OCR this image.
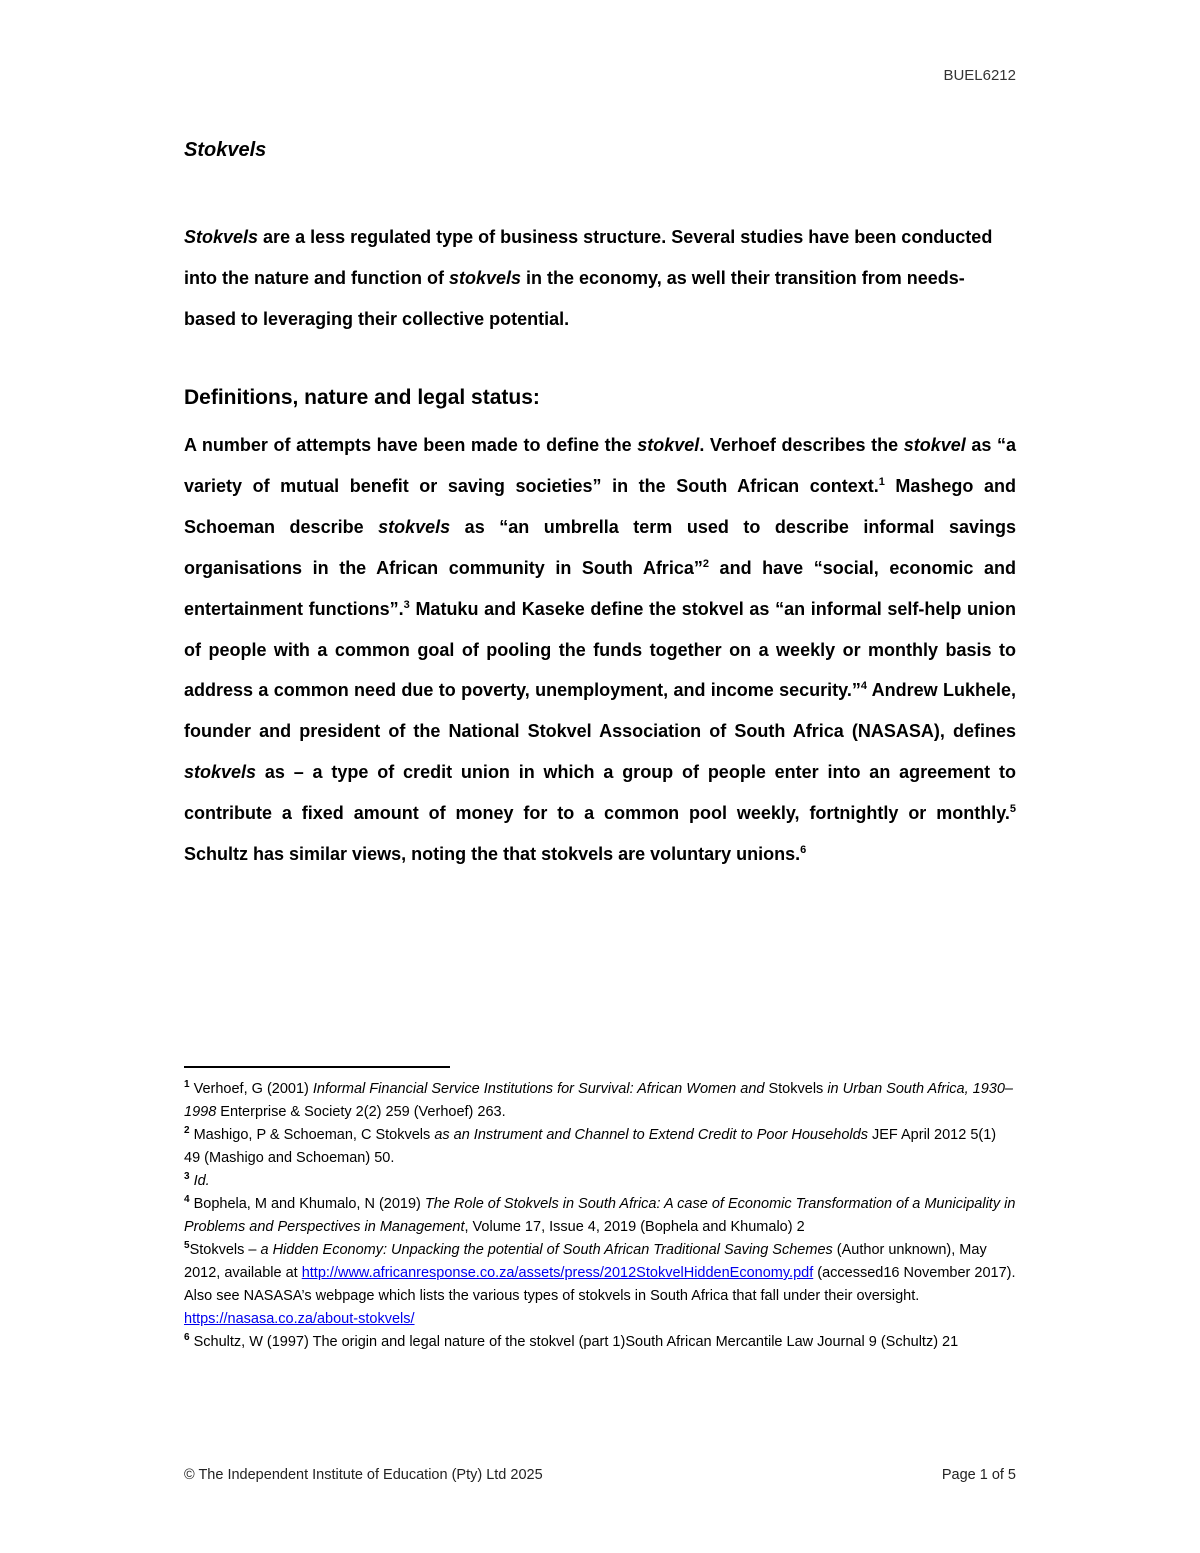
BUEL6212
Stokvels

Stokvels are a less regulated type of business structure. Several studies have been conducted into the nature and function of stokvels in the economy, as well their transition from needs-based to leveraging their collective potential.

Definitions, nature and legal status:

A number of attempts have been made to define the stokvel. Verhoef describes the stokvel as “a variety of mutual benefit or saving societies” in the South African context.$^1$ Mashego and Schoeman describe stokvels as “an umbrella term used to describe informal savings organisations in the African community in South Africa”$^2$ and have “social, economic and entertainment functions”.$^3$ Matuku and Kaseke define the stokvel as “an informal self-help union of people with a common goal of pooling the funds together on a weekly or monthly basis to address a common need due to poverty, unemployment, and income security.”$^4$ Andrew Lukhele, founder and president of the National Stokvel Association of South Africa (NASASA), defines stokvels as – a type of credit union in which a group of people enter into an agreement to contribute a fixed amount of money for to a common pool weekly, fortnightly or monthly.$^5$ Schultz has similar views, noting the that stokvels are voluntary unions.$^6$

$^1$ Verhoef, G (2001) Informal Financial Service Institutions for Survival: African Women and Stokvels in Urban South Africa, 1930–1998 Enterprise & Society 2(2) 259 (Verhoef) 263.

$^2$ Mashigo, P & Schoeman, C Stokvels as an Instrument and Channel to Extend Credit to Poor Households JEF April 2012 5(1) 49 (Mashigo and Schoeman) 50.

$^3$ Id.

$^4$ Bophela, M and Khumalo, N (2019) The Role of Stokvels in South Africa: A case of Economic Transformation of a Municipality in Problems and Perspectives in Management, Volume 17, Issue 4, 2019 (Bophela and Khumalo) 2

$^5$Stokvels – a Hidden Economy: Unpacking the potential of South African Traditional Saving Schemes (Author unknown), May 2012, available at http://www.africanresponse.co.za/assets/press/2012StokvelHiddenEconomy.pdf (accessed16 November 2017). Also see NASASA’s webpage which lists the various types of stokvels in South Africa that fall under their oversight. https://nasasa.co.za/about-stokvels/

$^6$ Schultz, W (1997) The origin and legal nature of the stokvel (part 1)South African Mercantile Law Journal 9 (Schultz) 21

© The Independent Institute of Education (Pty) Ltd 2025	Page 1 of 5
